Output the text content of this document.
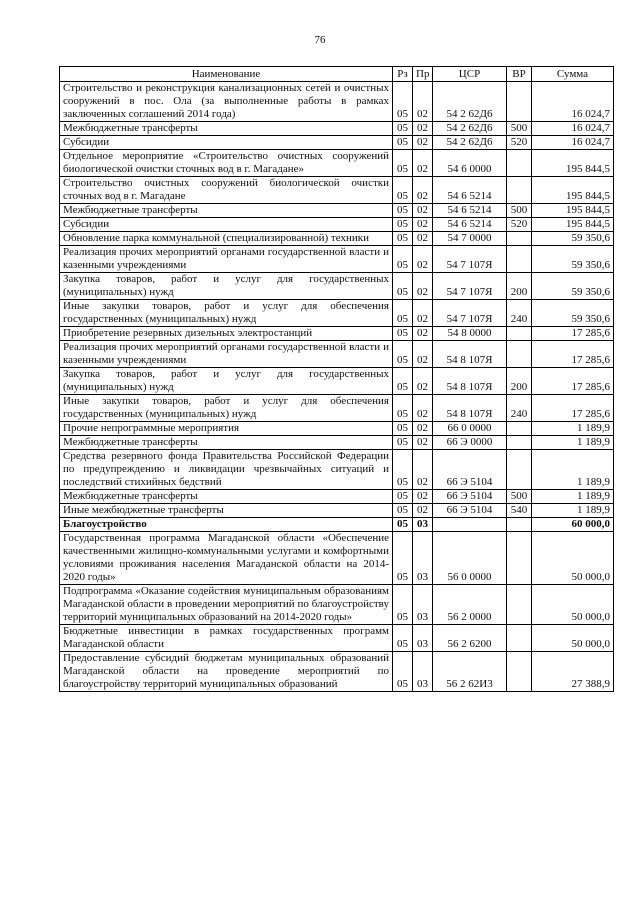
76
Наименование	Рз	Пр	ЦСР	ВР	Сумма
Строительство и реконструкция канализационных сетей и очистных сооружений в пос. Ола (за выполненные работы в рамках заключенных соглашений 2014 года)	05	02	54 2 62Д6		16 024,7
Межбюджетные трансферты	05	02	54 2 62Д6	500	16 024,7
Субсидии	05	02	54 2 62Д6	520	16 024,7
Отдельное мероприятие «Строительство очистных сооружений биологической очистки сточных вод в г. Магадане»	05	02	54 6 0000		195 844,5
Строительство очистных сооружений биологической очистки сточных вод в г. Магадане	05	02	54 6 5214		195 844,5
Межбюджетные трансферты	05	02	54 6 5214	500	195 844,5
Субсидии	05	02	54 6 5214	520	195 844,5
Обновление парка коммунальной (специализированной) техники	05	02	54 7 0000		59 350,6
Реализация прочих мероприятий органами государственной власти и казенными учреждениями	05	02	54 7 107Я		59 350,6
Закупка товаров, работ и услуг для государственных (муниципальных) нужд	05	02	54 7 107Я	200	59 350,6
Иные закупки товаров, работ и услуг для обеспечения государственных (муниципальных) нужд	05	02	54 7 107Я	240	59 350,6
Приобретение резервных дизельных электростанций	05	02	54 8 0000		17 285,6
Реализация прочих мероприятий органами государственной власти и казенными учреждениями	05	02	54 8 107Я		17 285,6
Закупка товаров, работ и услуг для государственных (муниципальных) нужд	05	02	54 8 107Я	200	17 285,6
Иные закупки товаров, работ и услуг для обеспечения государственных (муниципальных) нужд	05	02	54 8 107Я	240	17 285,6
Прочие непрограммные мероприятия	05	02	66 0 0000		1 189,9
Межбюджетные трансферты	05	02	66 Э 0000		1 189,9
Средства резервного фонда Правительства Российской Федерации по предупреждению и ликвидации чрезвычайных ситуаций и последствий стихийных бедствий	05	02	66 Э 5104		1 189,9
Межбюджетные трансферты	05	02	66 Э 5104	500	1 189,9
Иные межбюджетные трансферты	05	02	66 Э 5104	540	1 189,9
Благоустройство	05	03			60 000,0
Государственная программа Магаданской области «Обеспечение качественными жилищно-коммунальными услугами и комфортными условиями проживания населения Магаданской области на 2014-2020 годы»	05	03	56 0 0000		50 000,0
Подпрограмма «Оказание содействия муниципальным образованиям Магаданской области в проведении мероприятий по благоустройству территорий муниципальных образований на 2014-2020 годы»	05	03	56 2 0000		50 000,0
Бюджетные инвестиции в рамках государственных программ Магаданской области	05	03	56 2 6200		50 000,0
Предоставление субсидий бюджетам муниципальных образований Магаданской области на проведение мероприятий по благоустройству территорий муниципальных образований	05	03	56 2 62И3		27 388,9
